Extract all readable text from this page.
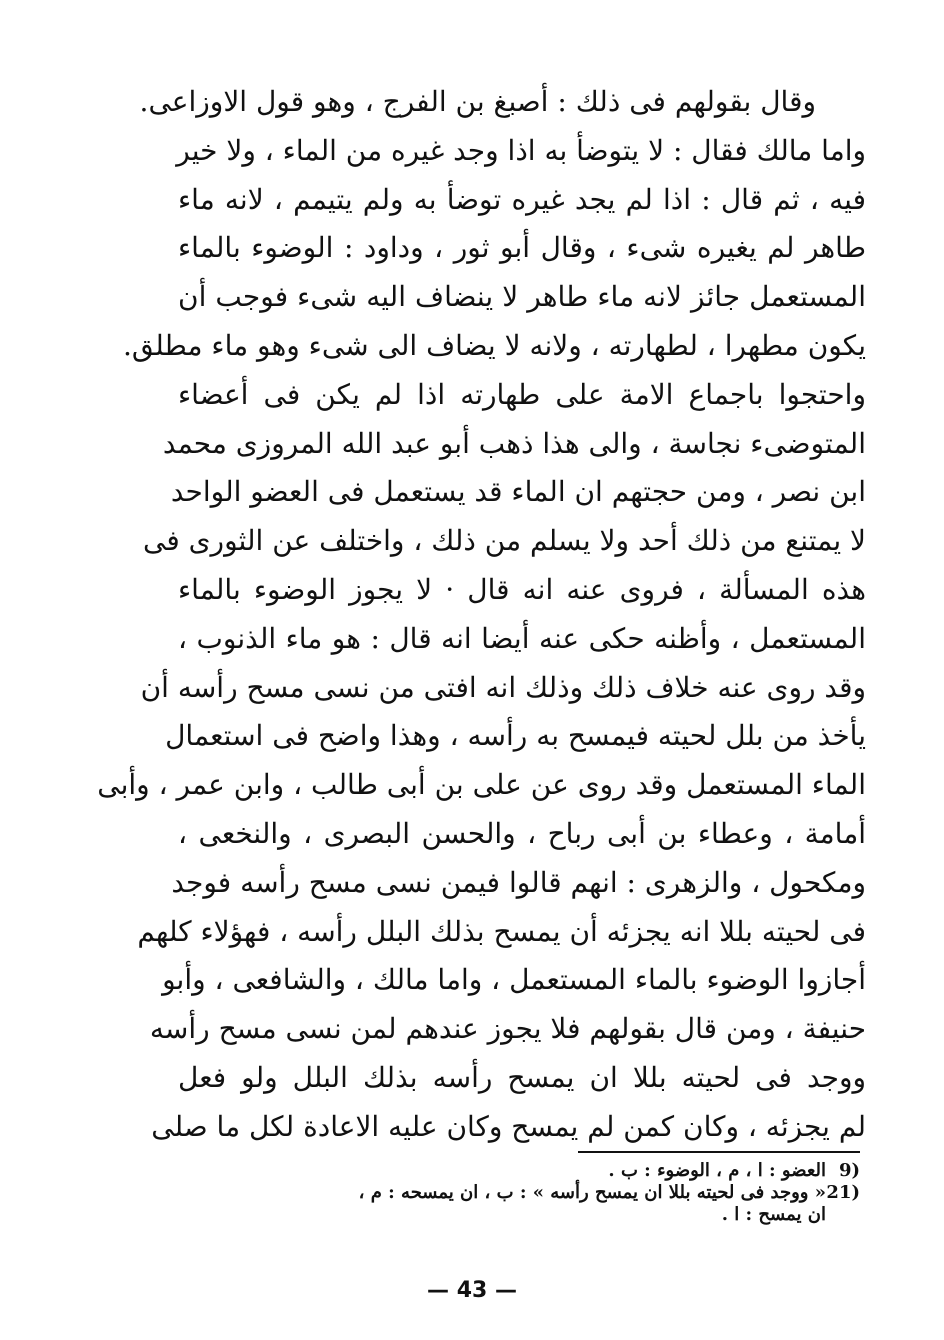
وقال بقولهم فى ذلك : أصبغ بن الفرج ، وهو قول الاوزاعى.
واما مالك فقال : لا يتوضأ به اذا وجد غيره من الماء ، ولا خير
فيه ، ثم قال : اذا لم يجد غيره توضأ به ولم يتيمم ، لانه ماء
طاهر لم يغيره شىء ، وقال أبو ثور ، وداود : الوضوء بالماء
المستعمل جائز لانه ماء طاهر لا ينضاف اليه شىء فوجب أن
يكون مطهرا ، لطهارته ، ولانه لا يضاف الى شىء وهو ماء مطلق.
واحتجوا باجماع الامة على طهارته اذا لم يكن فى أعضاء
المتوضىء نجاسة ، والى هذا ذهب أبو عبد الله المروزى محمد
ابن نصر ، ومن حجتهم ان الماء قد يستعمل فى العضو الواحد
لا يمتنع من ذلك أحد ولا يسلم من ذلك ، واختلف عن الثورى فى
هذه المسألة ، فروى عنه انه قال · لا يجوز الوضوء بالماء
المستعمل ، وأظنه حكى عنه أيضا انه قال : هو ماء الذنوب ،
وقد روى عنه خلاف ذلك وذلك انه افتى من نسى مسح رأسه أن
يأخذ من بلل لحيته فيمسح به رأسه ، وهذا واضح فى استعمال
الماء المستعمل وقد روى عن على بن أبى طالب ، وابن عمر ، وأبى
أمامة ، وعطاء بن أبى رباح ، والحسن البصرى ، والنخعى ،
ومكحول ، والزهرى : انهم قالوا فيمن نسى مسح رأسه فوجد
فى لحيته بللا انه يجزئه أن يمسح بذلك البلل رأسه ، فهؤلاء كلهم
أجازوا الوضوء بالماء المستعمل ، واما مالك ، والشافعى ، وأبو
حنيفة ، ومن قال بقولهم فلا يجوز عندهم لمن نسى مسح رأسه
ووجد فى لحيته بللا ان يمسح رأسه بذلك البلل ولو فعل
لم يجزئه ، وكان كمن لم يمسح وكان عليه الاعادة لكل ما صلى
9)
العضو : ا ، م ، الوضوء : ب .
21)
« ووجد فى لحيته بللا ان يمسح رأسه » : ب ، ان يمسحه : م ،
ان يمسح : ا .
— 43 —
